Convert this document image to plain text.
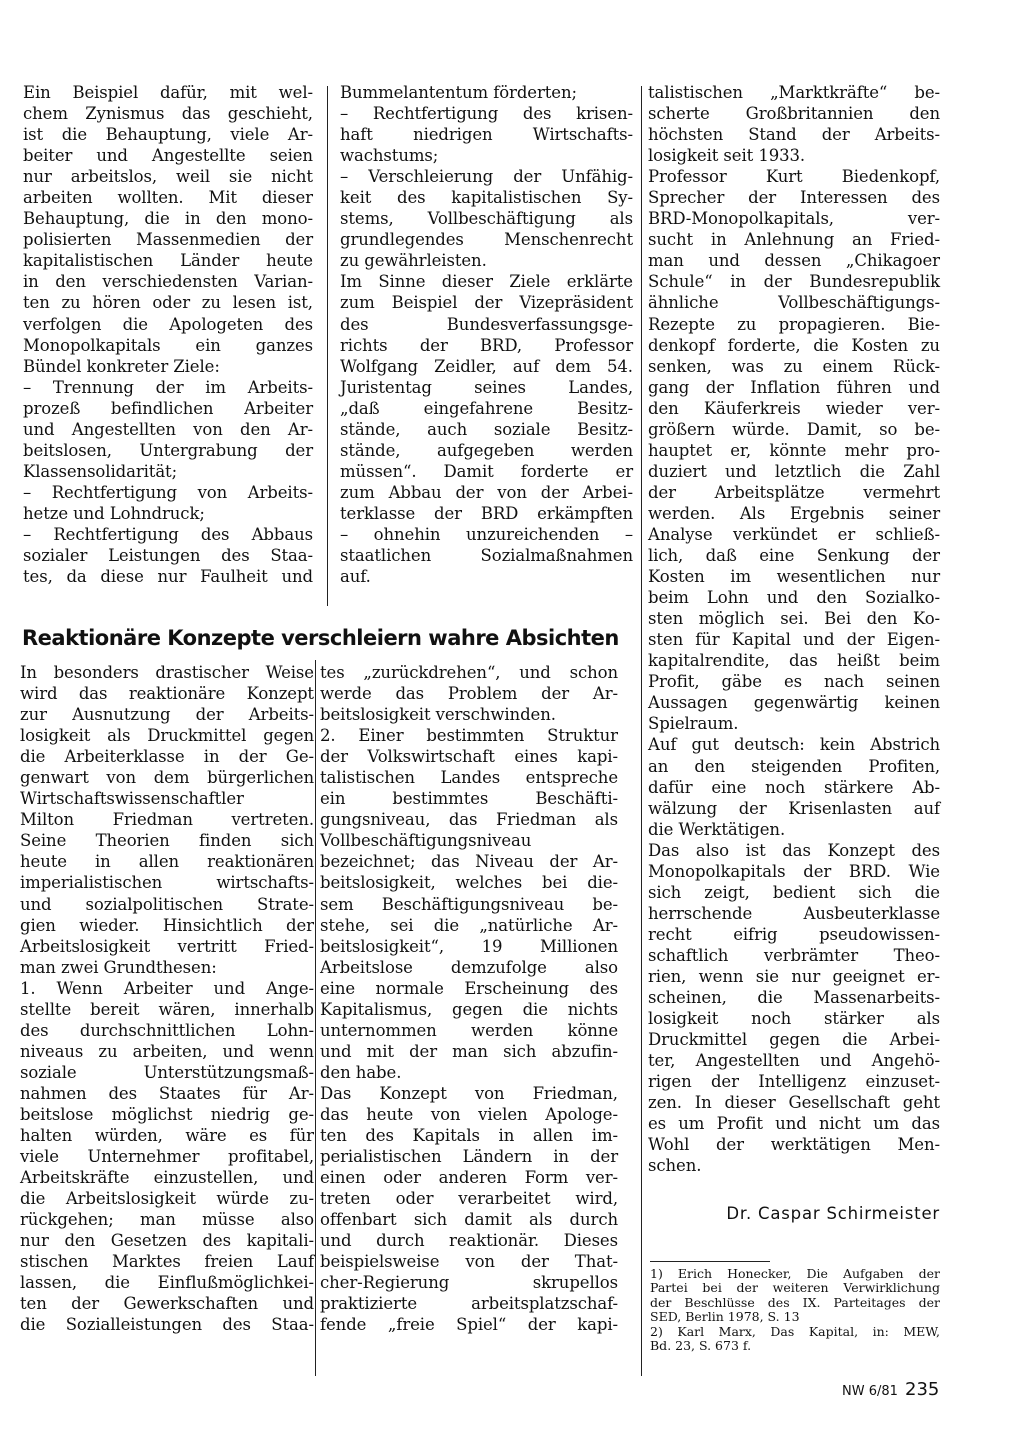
Ein Beispiel dafür, mit wel-
chem Zynismus das geschieht,
ist die Behauptung, viele Ar-
beiter und Angestellte seien
nur arbeitslos, weil sie nicht
arbeiten wollten. Mit dieser
Behauptung, die in den mono-
polisierten Massenmedien der
kapitalistischen Länder heute
in den verschiedensten Varian-
ten zu hören oder zu lesen ist,
verfolgen die Apologeten des
Monopolkapitals ein ganzes
Bündel konkreter Ziele:
– Trennung der im Arbeits-
prozeß befindlichen Arbeiter
und Angestellten von den Ar-
beitslosen, Untergrabung der
Klassensolidarität;
– Rechtfertigung von Arbeits-
hetze und Lohndruck;
– Rechtfertigung des Abbaus
sozialer Leistungen des Staa-
tes, da diese nur Faulheit und
Bummelantentum förderten;
– Rechtfertigung des krisen-
haft niedrigen Wirtschafts-
wachstums;
– Verschleierung der Unfähig-
keit des kapitalistischen Sy-
stems, Vollbeschäftigung als
grundlegendes Menschenrecht
zu gewährleisten.
Im Sinne dieser Ziele erklärte
zum Beispiel der Vizepräsident
des	Bundesverfassungsge-
richts der BRD, Professor
Wolfgang Zeidler, auf dem 54.
Juristentag	seines	Landes,
„daß	eingefahrene	Besitz-
stände, auch soziale Besitz-
stände, aufgegeben werden
müssen“. Damit forderte er
zum Abbau der von der Arbei-
terklasse der BRD erkämpften
– ohnehin unzureichenden –
staatlichen	Sozialmaßnahmen
auf.
Reaktionäre Konzepte verschleiern wahre Absichten
In besonders drastischer Weise
wird das reaktionäre Konzept
zur Ausnutzung der Arbeits-
losigkeit als Druckmittel gegen
die Arbeiterklasse in der Ge-
genwart von dem bürgerlichen
Wirtschaftswissenschaftler
Milton Friedman vertreten.
Seine Theorien finden sich
heute in allen reaktionären
imperialistischen	wirtschafts-
und sozialpolitischen Strate-
gien wieder. Hinsichtlich der
Arbeitslosigkeit vertritt Fried-
man zwei Grundthesen:
1. Wenn Arbeiter und Ange-
stellte bereit wären, innerhalb
des durchschnittlichen Lohn-
niveaus zu arbeiten, und wenn
soziale	Unterstützungsmaß-
nahmen des Staates für Ar-
beitslose möglichst niedrig ge-
halten würden, wäre es für
viele Unternehmer profitabel,
Arbeitskräfte einzustellen, und
die Arbeitslosigkeit würde zu-
rückgehen; man müsse also
nur den Gesetzen des kapitali-
stischen Marktes freien Lauf
lassen, die Einflußmöglichkei-
ten der Gewerkschaften und
die Sozialleistungen des Staa-
tes „zurückdrehen“, und schon
werde das Problem der Ar-
beitslosigkeit verschwinden.
2. Einer bestimmten Struktur
der Volkswirtschaft eines kapi-
talistischen Landes entspreche
ein	bestimmtes	Beschäfti-
gungsniveau, das Friedman als
Vollbeschäftigungsniveau
bezeichnet; das Niveau der Ar-
beitslosigkeit, welches bei die-
sem Beschäftigungsniveau be-
stehe, sei die „natürliche Ar-
beitslosigkeit“, 19 Millionen
Arbeitslose demzufolge also
eine normale Erscheinung des
Kapitalismus, gegen die nichts
unternommen werden könne
und mit der man sich abzufin-
den habe.
Das Konzept von Friedman,
das heute von vielen Apologe-
ten des Kapitals in allen im-
perialistischen Ländern in der
einen oder anderen Form ver-
treten oder verarbeitet wird,
offenbart sich damit als durch
und durch reaktionär. Dieses
beispielsweise von der That-
cher-Regierung	skrupellos
praktizierte	arbeitsplatzschaf-
fende „freie Spiel“ der kapi-
talistischen „Marktkräfte“ be-
scherte Großbritannien den
höchsten Stand der Arbeits-
losigkeit seit 1933.
Professor Kurt Biedenkopf,
Sprecher der Interessen des
BRD-Monopolkapitals,	ver-
sucht in Anlehnung an Fried-
man und dessen „Chikagoer
Schule“ in der Bundesrepublik
ähnliche	Vollbeschäftigungs-
Rezepte zu propagieren. Bie-
denkopf forderte, die Kosten zu
senken, was zu einem Rück-
gang der Inflation führen und
den Käuferkreis wieder ver-
größern würde. Damit, so be-
hauptet er, könnte mehr pro-
duziert und letztlich die Zahl
der Arbeitsplätze vermehrt
werden. Als Ergebnis seiner
Analyse verkündet er schließ-
lich, daß eine Senkung der
Kosten im wesentlichen nur
beim Lohn und den Sozialko-
sten möglich sei. Bei den Ko-
sten für Kapital und der Eigen-
kapitalrendite, das heißt beim
Profit, gäbe es nach seinen
Aussagen gegenwärtig keinen
Spielraum.
Auf gut deutsch: kein Abstrich
an den steigenden Profiten,
dafür eine noch stärkere Ab-
wälzung der Krisenlasten auf
die Werktätigen.
Das also ist das Konzept des
Monopolkapitals der BRD. Wie
sich zeigt, bedient sich die
herrschende	Ausbeuterklasse
recht	eifrig	pseudowissen-
schaftlich verbrämter Theo-
rien, wenn sie nur geeignet er-
scheinen, die Massenarbeits-
losigkeit noch stärker als
Druckmittel gegen die Arbei-
ter, Angestellten und Angehö-
rigen der Intelligenz einzuset-
zen. In dieser Gesellschaft geht
es um Profit und nicht um das
Wohl der werktätigen Men-
schen.
Dr. Caspar Schirmeister
1) Erich Honecker, Die Aufgaben der
Partei bei der weiteren Verwirklichung
der Beschlüsse des IX. Parteitages der
SED, Berlin 1978, S. 13
2) Karl Marx, Das Kapital, in: MEW,
Bd. 23, S. 673 f.
NW 6/81 235
